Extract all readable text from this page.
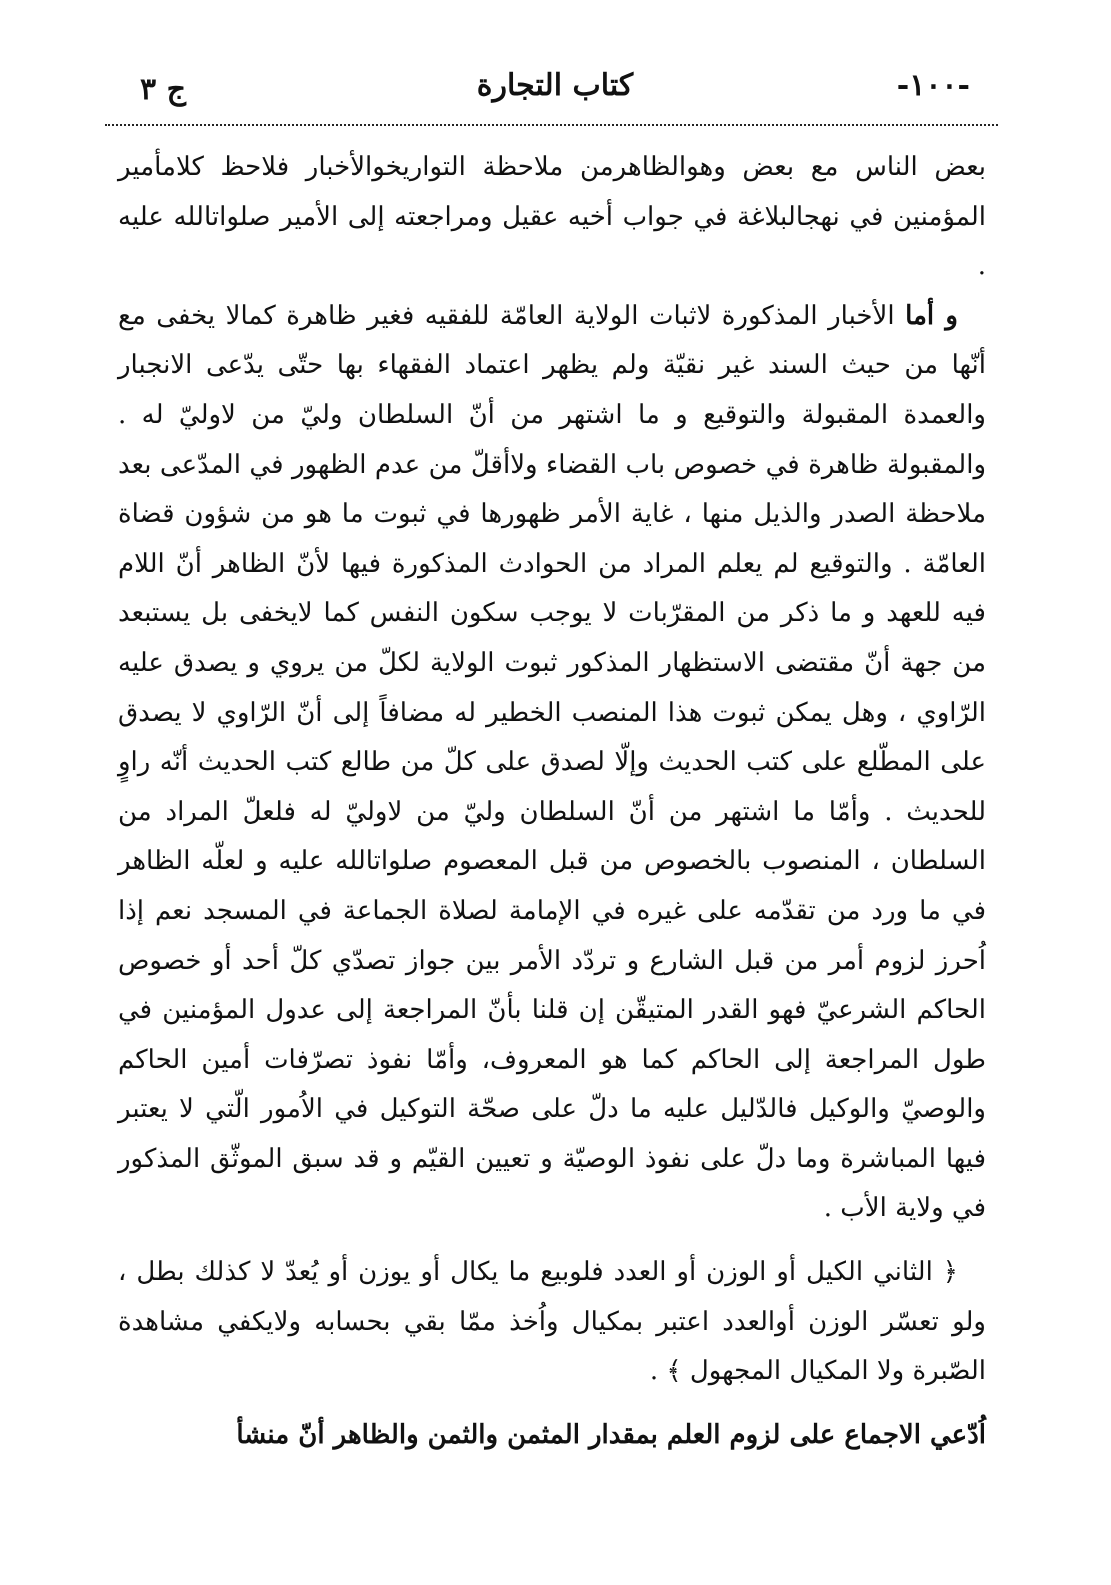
-١٠٠-
كتاب التجارة
ج ٣

بعض الناس مع بعض وهوالظاهرمن ملاحظة التواريخوالأخبار فلاحظ كلامأمير المؤمنين في نهجالبلاغة في جواب أخيه عقيل ومراجعته إلى الأمير صلواتالله عليه .

و أما الأخبار المذكورة لاثبات الولاية العامّة للفقيه فغير ظاهرة كمالا يخفى مع أنّها من حيث السند غير نقيّة ولم يظهر اعتماد الفقهاء بها حتّى يدّعى الانجبار والعمدة المقبولة والتوقيع و ما اشتهر من أنّ السلطان وليّ من لاوليّ له . والمقبولة ظاهرة في خصوص باب القضاء ولاأقلّ من عدم الظهور في المدّعى بعد ملاحظة الصدر والذيل منها ، غاية الأمر ظهورها في ثبوت ما هو من شؤون قضاة العامّة . والتوقيع لم يعلم المراد من الحوادث المذكورة فيها لأنّ الظاهر أنّ اللام فيه للعهد و ما ذكر من المقرّبات لا يوجب سكون النفس كما لايخفى بل يستبعد من جهة أنّ مقتضى الاستظهار المذكور ثبوت الولاية لكلّ من يروي و يصدق عليه الرّاوي ، وهل يمكن ثبوت هذا المنصب الخطير له مضافاً إلى أنّ الرّاوي لا يصدق على المطّلع على كتب الحديث وإلّا لصدق على كلّ من طالع كتب الحديث أنّه راوٍ للحديث . وأمّا ما اشتهر من أنّ السلطان وليّ من لاوليّ له فلعلّ المراد من السلطان ، المنصوب بالخصوص من قبل المعصوم صلواتالله عليه و لعلّه الظاهر في ما ورد من تقدّمه على غيره في الإمامة لصلاة الجماعة في المسجد نعم إذا اُحرز لزوم أمر من قبل الشارع و تردّد الأمر بين جواز تصدّي كلّ أحد أو خصوص الحاكم الشرعيّ فهو القدر المتيقّن إن قلنا بأنّ المراجعة إلى عدول المؤمنين في طول المراجعة إلى الحاكم كما هو المعروف، وأمّا نفوذ تصرّفات أمين الحاكم والوصيّ والوكيل فالدّليل عليه ما دلّ على صحّة التوكيل في الاُمور الّتي لا يعتبر فيها المباشرة وما دلّ على نفوذ الوصيّة و تعيين القيّم و قد سبق الموثّق المذكور في ولاية الأب .

﴿ الثاني الكيل أو الوزن أو العدد فلوبيع ما يكال أو يوزن أو يُعدّ لا كذلك بطل ، ولو تعسّر الوزن أوالعدد اعتبر بمكيال واُخذ ممّا بقي بحسابه ولايكفي مشاهدة الصّبرة ولا المكيال المجهول ﴾ .

اُدّعي الاجماع على لزوم العلم بمقدار المثمن والثمن والظاهر أنّ منشأ
